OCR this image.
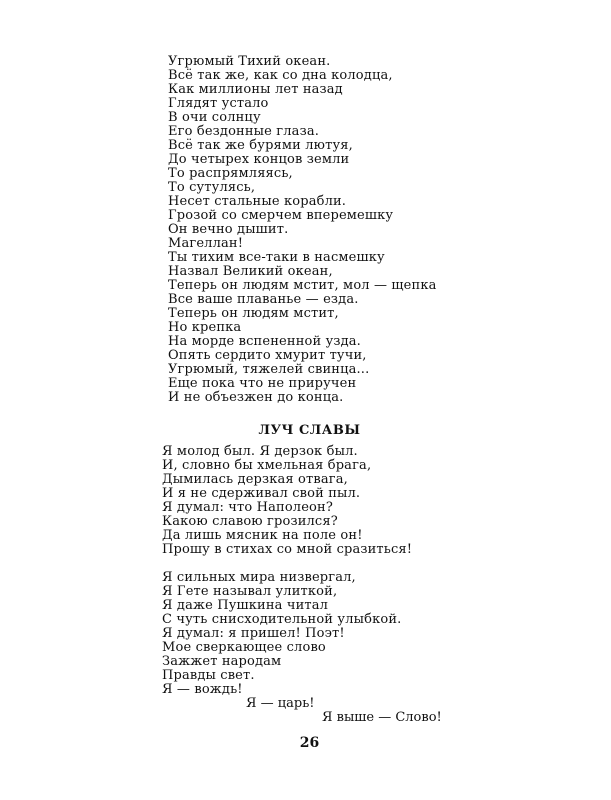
Угрюмый Тихий океан.
Всё так же, как со дна колодца,
Как миллионы лет назад
Глядят устало
В очи солнцу
Его бездонные глаза.
Всё так же бурями лютуя,
До четырех концов земли
То распрямляясь,
То сутулясь,
Несет стальные корабли.
Грозой со смерчем вперемешку
Он вечно дышит.
Магеллан!
Ты тихим все-таки в насмешку
Назвал Великий океан,
Теперь он людям мстит, мол — щепка
Все ваше плаванье — езда.
Теперь он людям мстит,
Но крепка
На морде вспененной узда.
Опять сердито хмурит тучи,
Угрюмый, тяжелей свинца...
Еще пока что не приручен
И не объезжен до конца.
ЛУЧ СЛАВЫ
Я молод был. Я дерзок был.
И, словно бы хмельная брага,
Дымилась дерзкая отвага,
И я не сдерживал свой пыл.
Я думал: что Наполеон?
Какою славою грозился?
Да лишь мясник на поле он!
Прошу в стихах со мной сразиться!
Я сильных мира низвергал,
Я Гете называл улиткой,
Я даже Пушкина читал
С чуть снисходительной улыбкой.
Я думал: я пришел! Поэт!
Мое сверкающее слово
Зажжет народам
Правды свет.
Я — вождь!
Я — царь!
Я выше — Слово!
26
